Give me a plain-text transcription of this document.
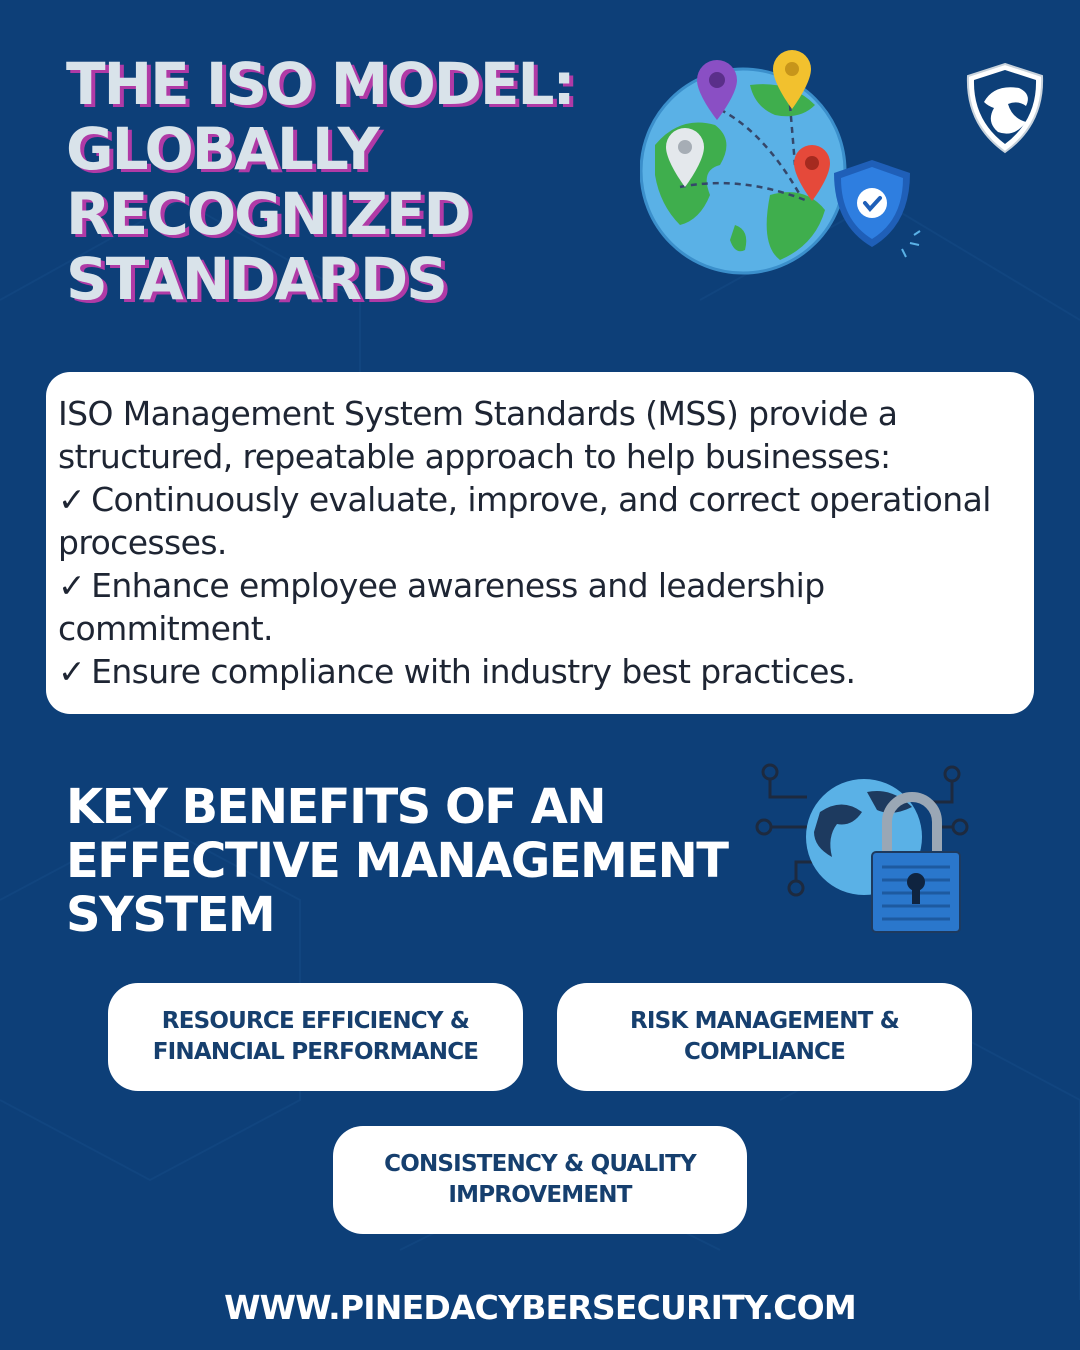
THE ISO MODEL:
GLOBALLY
RECOGNIZED
STANDARDS

ISO Management System Standards (MSS) provide a structured, repeatable approach to help businesses:
✓ Continuously evaluate, improve, and correct operational processes.
✓ Enhance employee awareness and leadership commitment.
✓ Ensure compliance with industry best practices.

KEY BENEFITS OF AN
EFFECTIVE MANAGEMENT
SYSTEM
RESOURCE EFFICIENCY & FINANCIAL PERFORMANCE
RISK MANAGEMENT & COMPLIANCE
CONSISTENCY & QUALITY IMPROVEMENT
WWW.PINEDACYBERSECURITY.COM
